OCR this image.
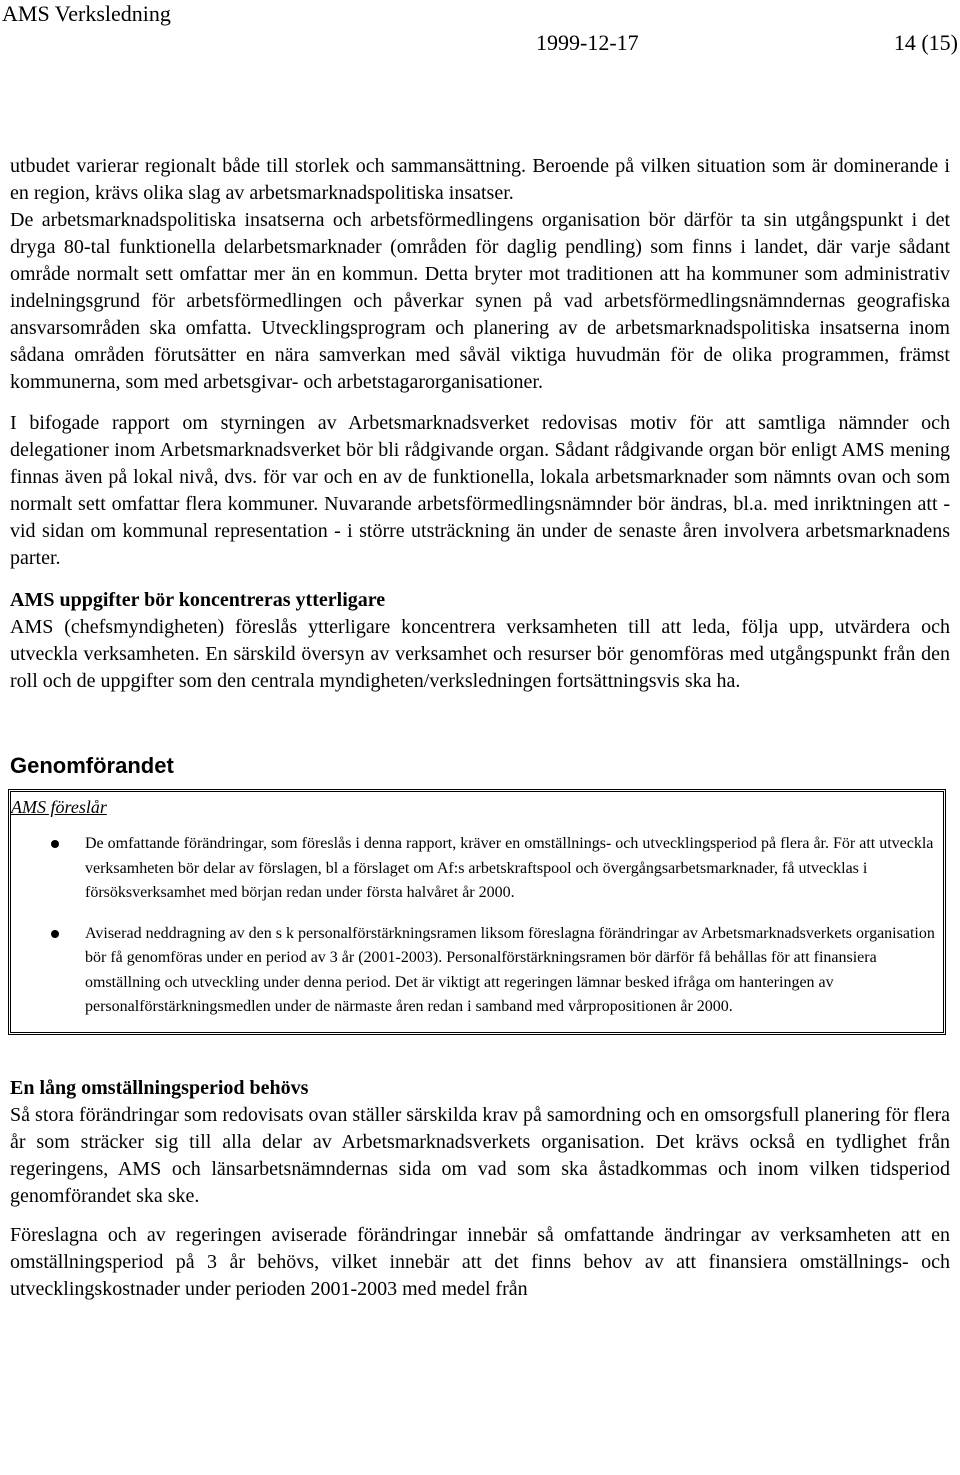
AMS Verksledning
1999-12-17	14 (15)

utbudet varierar regionalt både till storlek och sammansättning. Beroende på vilken situation som är dominerande i en region, krävs olika slag av arbetsmarknadspolitiska insatser.

De arbetsmarknadspolitiska insatserna och arbetsförmedlingens organisation bör därför ta sin utgångspunkt i det dryga 80-tal funktionella delarbetsmarknader (områden för daglig pendling) som finns i landet, där varje sådant område normalt sett omfattar mer än en kommun. Detta bryter mot traditionen att ha kommuner som administrativ indelningsgrund för arbetsförmedlingen och påverkar synen på vad arbetsförmedlingsnämndernas geografiska ansvarsområden ska omfatta. Utvecklingsprogram och planering av de arbetsmarknadspolitiska insatserna inom sådana områden förutsätter en nära samverkan med såväl viktiga huvudmän för de olika programmen, främst kommunerna, som med arbetsgivar- och arbetstagarorganisationer.

I bifogade rapport om styrningen av Arbetsmarknadsverket redovisas motiv för att samtliga nämnder och delegationer inom Arbetsmarknadsverket bör bli rådgivande organ. Sådant rådgivande organ bör enligt AMS mening finnas även på lokal nivå, dvs. för var och en av de funktionella, lokala arbetsmarknader som nämnts ovan och som normalt sett omfattar flera kommuner. Nuvarande arbetsförmedlingsnämnder bör ändras, bl.a. med inriktningen att - vid sidan om kommunal representation - i större utsträckning än under de senaste åren involvera arbetsmarknadens parter.

AMS uppgifter bör koncentreras ytterligare

AMS (chefsmyndigheten) föreslås ytterligare koncentrera verksamheten till att leda, följa upp, utvärdera och utveckla verksamheten. En särskild översyn av verksamhet och resurser bör genomföras med utgångspunkt från den roll och de uppgifter som den centrala myndigheten/verksledningen fortsättningsvis ska ha.

Genomförandet
AMS föreslår
De omfattande förändringar, som föreslås i denna rapport, kräver en omställnings- och utvecklingsperiod på flera år. För att utveckla verksamheten bör delar av förslagen, bl a förslaget om Af:s arbetskraftspool och övergångsarbetsmarknader, få utvecklas i försöksverksamhet med början redan under första halvåret år 2000.
Aviserad neddragning av den s k personalförstärkningsramen liksom föreslagna förändringar av Arbetsmarknadsverkets organisation bör få genomföras under en period av 3 år (2001-2003). Personalförstärkningsramen bör därför få behållas för att finansiera omställning och utveckling under denna period. Det är viktigt att regeringen lämnar besked ifråga om hanteringen av personalförstärkningsmedlen under de närmaste åren redan i samband med vårpropositionen år 2000.
En lång omställningsperiod behövs

Så stora förändringar som redovisats ovan ställer särskilda krav på samordning och en omsorgsfull planering för flera år som sträcker sig till alla delar av Arbetsmarknadsverkets organisation. Det krävs också en tydlighet från regeringens, AMS och länsarbetsnämndernas sida om vad som ska åstadkommas och inom vilken tidsperiod genomförandet ska ske.

Föreslagna och av regeringen aviserade förändringar innebär så omfattande ändringar av verksamheten att en omställningsperiod på 3 år behövs, vilket innebär att det finns behov av att finansiera omställnings- och utvecklingskostnader under perioden 2001-2003 med medel från
